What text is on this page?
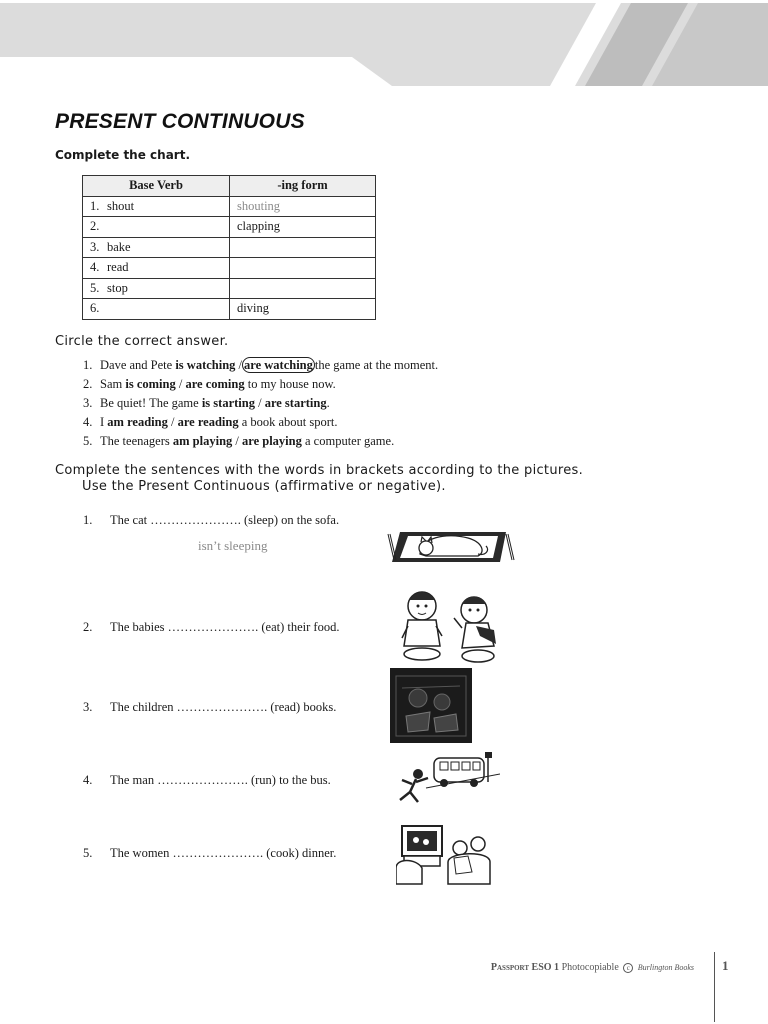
PRESENT CONTINUOUS
Complete the chart.
Base Verb	-ing form
1. shout	shouting
2.	clapping
3. bake	
4. read	
5. stop	
6.	diving
Circle the correct answer.
1. Dave and Pete is watching / are watching the game at the moment.
2. Sam is coming / are coming to my house now.
3. Be quiet! The game is starting / are starting.
4. I am reading / are reading a book about sport.
5. The teenagers am playing / are playing a computer game.
Complete the sentences with the words in brackets according to the pictures.
Use the Present Continuous (affirmative or negative).
1. The cat …………………. (sleep) on the sofa.
isn’t sleeping
2. The babies …………………. (eat) their food.
3. The children …………………. (read) books.
4. The man …………………. (run) to the bus.
5. The women …………………. (cook) dinner.
Passport ESO 1 Photocopiable c Burlington Books 1
